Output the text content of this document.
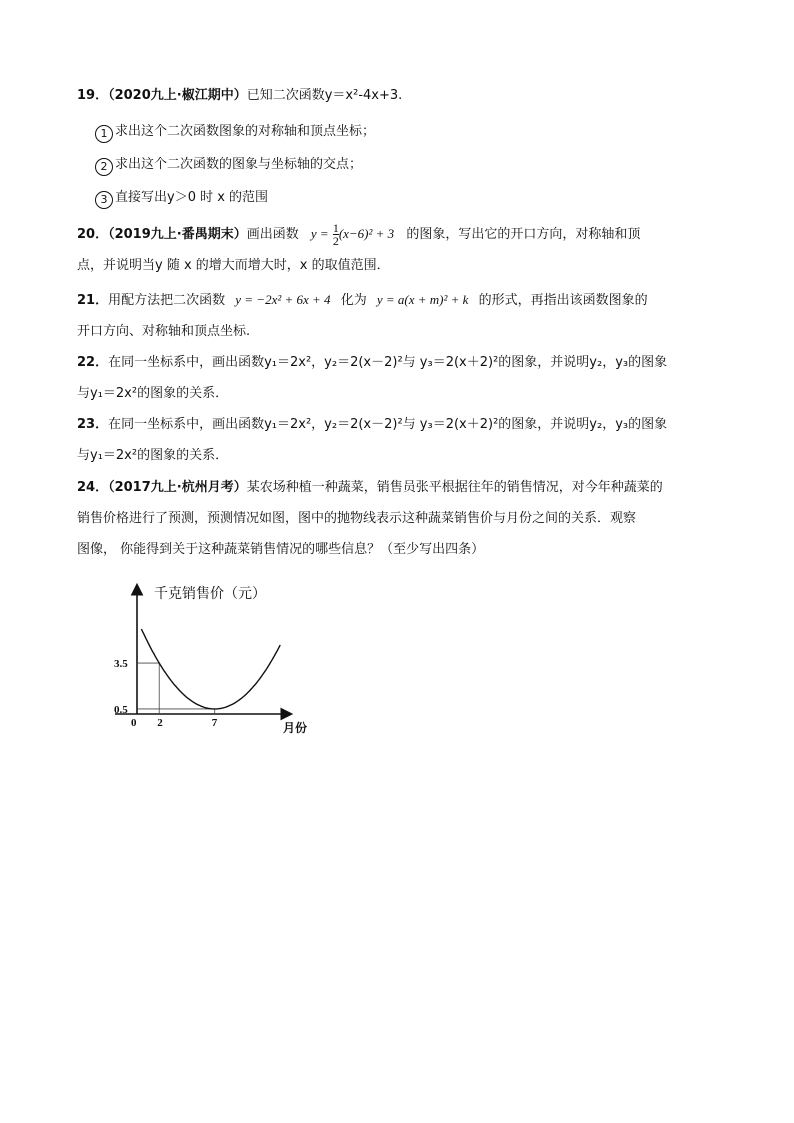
19．（2020九上·椒江期中）已知二次函数y＝x²-4x+3.
1 求出这个二次函数图象的对称轴和顶点坐标；
2 求出这个二次函数的图象与坐标轴的交点；
3 直接写出y＞0 时 x 的范围
20．（2019九上·番禺期末）画出函数 $y = \frac{1}{2} (x-6)^2 + 3$ 的图象，写出它的开口方向，对称轴和顶
点，并说明当y 随 x 的增大而增大时，x 的取值范围．
21．用配方法把二次函数 y = −2x² + 6x + 4 化为 y = a(x + m)² + k 的形式，再指出该函数图象的
开口方向、对称轴和顶点坐标.
22．在同一坐标系中，画出函数y₁＝2x²，y₂＝2(x－2)²与 y₃＝2(x＋2)²的图象，并说明y₂，y₃的图象
与y₁＝2x²的图象的关系．
23．在同一坐标系中，画出函数y₁＝2x²，y₂＝2(x－2)²与 y₃＝2(x＋2)²的图象，并说明y₂，y₃的图象
与y₁＝2x²的图象的关系．
24．（2017九上·杭州月考）某农场种植一种蔬菜，销售员张平根据往年的销售情况，对今年种蔬菜的
销售价格进行了预测，预测情况如图，图中的抛物线表示这种蔬菜销售价与月份之间的关系．观察
图像， 你能得到关于这种蔬菜销售情况的哪些信息？（至少写出四条）
千克销售价（元）
月份
3.5
0.5
0 2	7
